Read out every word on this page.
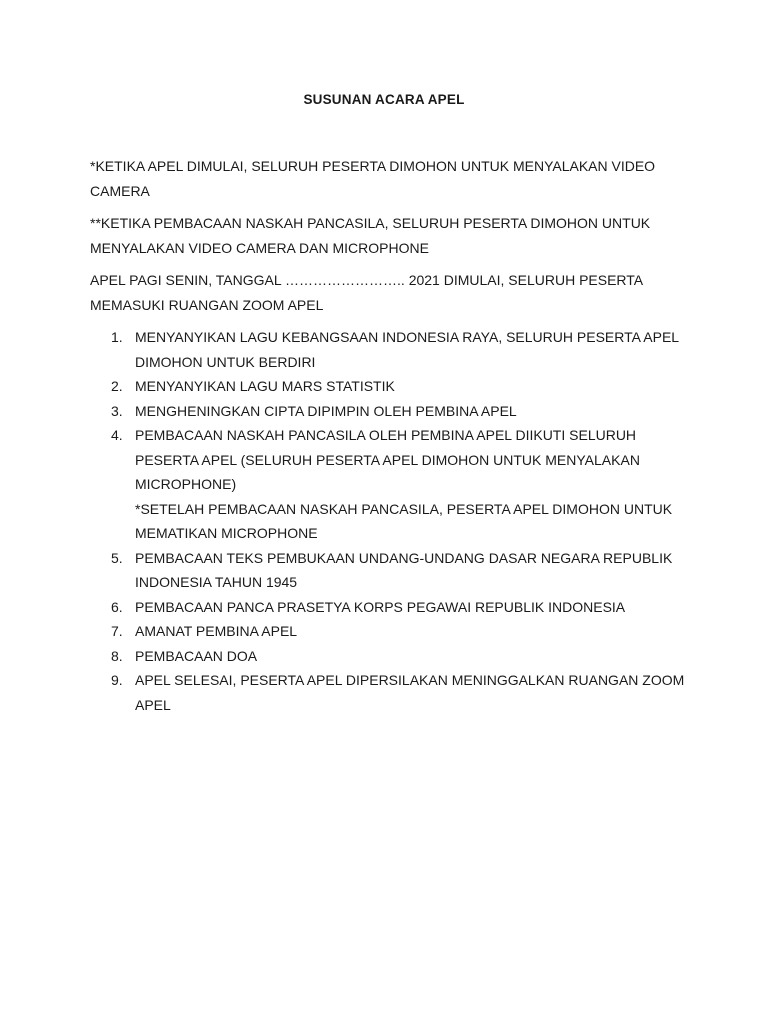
SUSUNAN ACARA APEL

*KETIKA APEL DIMULAI, SELURUH PESERTA DIMOHON UNTUK MENYALAKAN VIDEO CAMERA

**KETIKA PEMBACAAN NASKAH PANCASILA, SELURUH PESERTA DIMOHON UNTUK MENYALAKAN VIDEO CAMERA DAN MICROPHONE

APEL PAGI SENIN, TANGGAL …………………….. 2021 DIMULAI, SELURUH PESERTA MEMASUKI RUANGAN ZOOM APEL

1. MENYANYIKAN LAGU KEBANGSAAN INDONESIA RAYA, SELURUH PESERTA APEL DIMOHON UNTUK BERDIRI
2. MENYANYIKAN LAGU MARS STATISTIK
3. MENGHENINGKAN CIPTA DIPIMPIN OLEH PEMBINA APEL
4. PEMBACAAN NASKAH PANCASILA OLEH PEMBINA APEL DIIKUTI SELURUH PESERTA APEL (SELURUH PESERTA APEL DIMOHON UNTUK MENYALAKAN MICROPHONE)
*SETELAH PEMBACAAN NASKAH PANCASILA, PESERTA APEL DIMOHON UNTUK MEMATIKAN MICROPHONE
5. PEMBACAAN TEKS PEMBUKAAN UNDANG-UNDANG DASAR NEGARA REPUBLIK INDONESIA TAHUN 1945
6. PEMBACAAN PANCA PRASETYA KORPS PEGAWAI REPUBLIK INDONESIA
7. AMANAT PEMBINA APEL
8. PEMBACAAN DOA
9. APEL SELESAI, PESERTA APEL DIPERSILAKAN MENINGGALKAN RUANGAN ZOOM APEL
